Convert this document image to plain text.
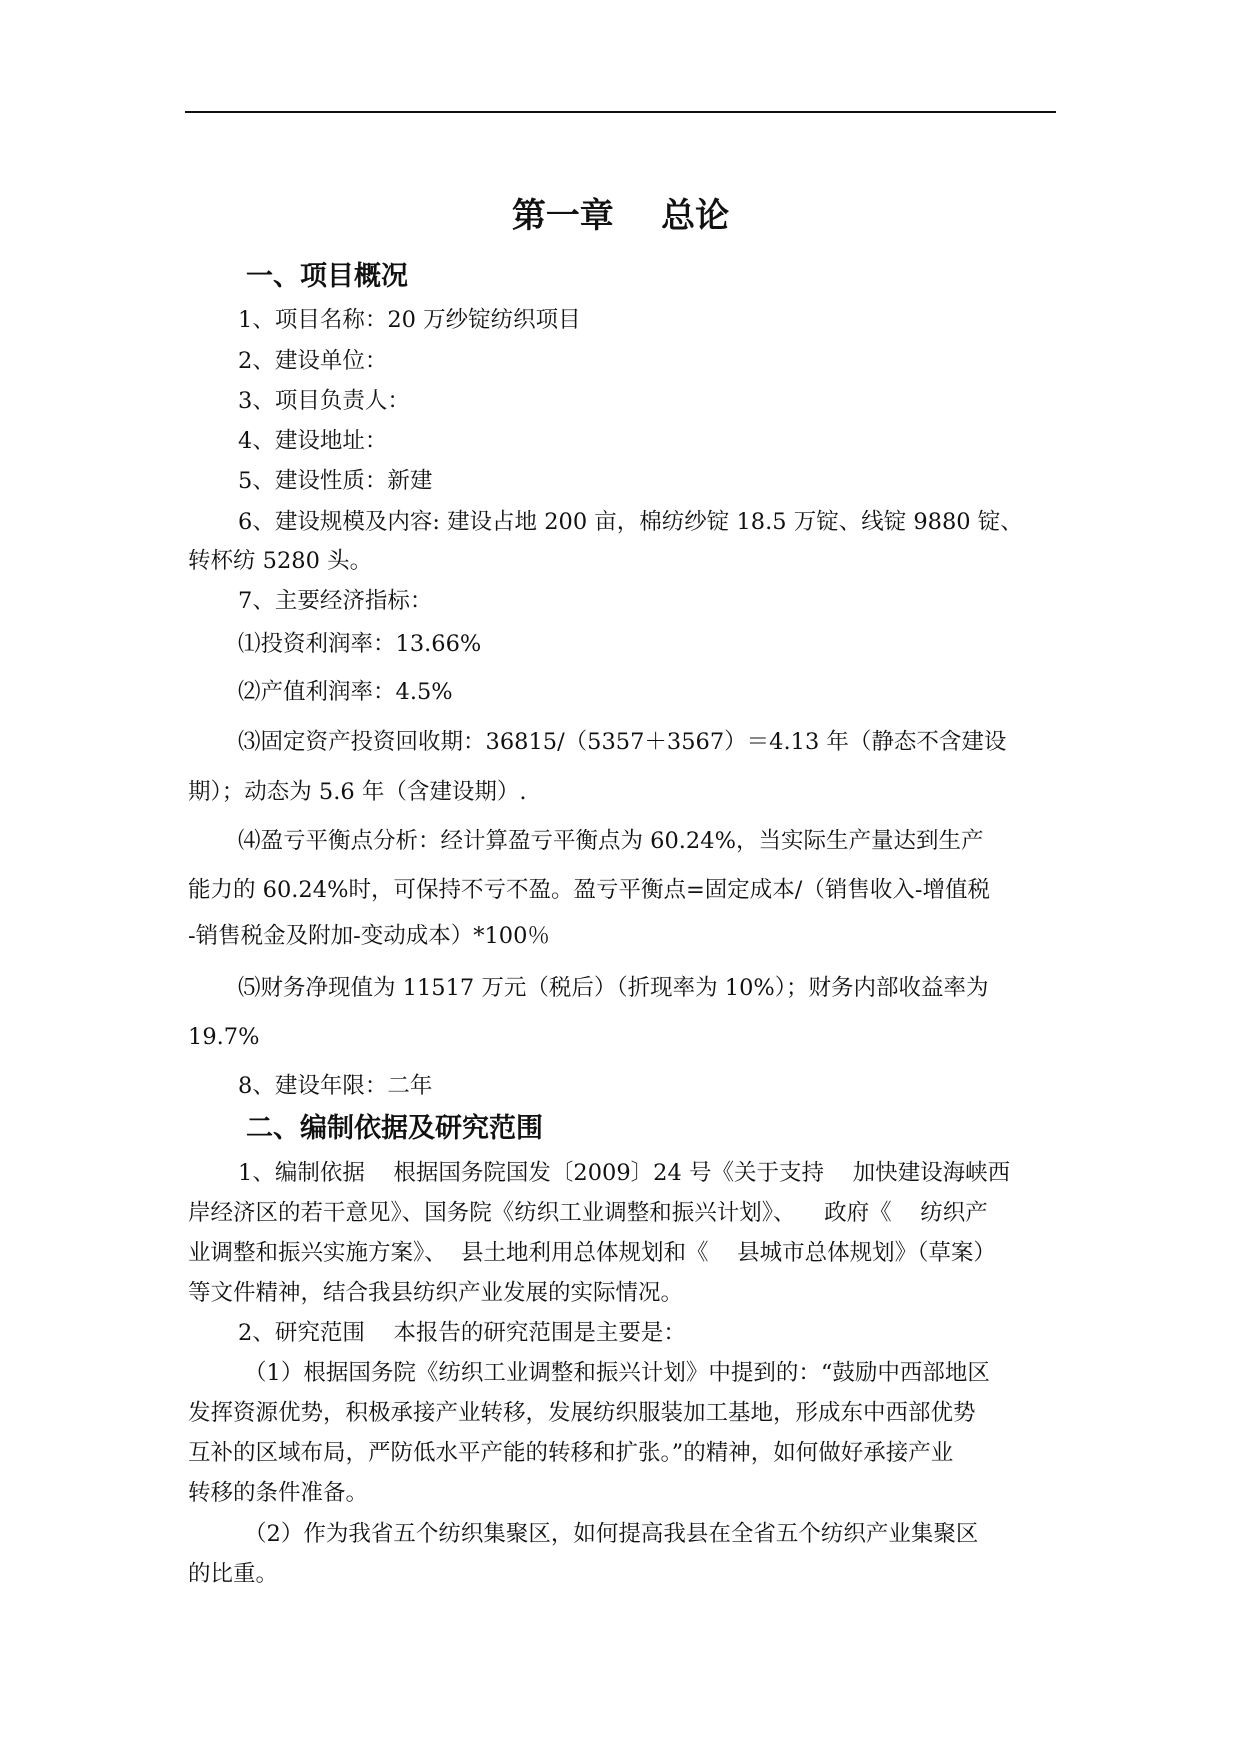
第一章    总论
一、项目概况
1、项目名称：20 万纱锭纺织项目
2、建设单位：
3、项目负责人：
4、建设地址：
5、建设性质：新建
6、建设规模及内容: 建设占地 200 亩，棉纺纱锭 18.5 万锭、线锭 9880 锭、
转杯纺 5280 头。
7、主要经济指标：
⑴投资利润率：13.66%
⑵产值利润率：4.5%
⑶固定资产投资回收期：36815/（5357＋3567）＝4.13 年（静态不含建设
期）；动态为 5.6 年（含建设期）.
⑷盈亏平衡点分析：经计算盈亏平衡点为 60.24%，当实际生产量达到生产
能力的 60.24%时，可保持不亏不盈。盈亏平衡点=固定成本/（销售收入-增值税
-销售税金及附加-变动成本）*100％
⑸财务净现值为 11517 万元（税后）（折现率为 10%）；财务内部收益率为
19.7%
8、建设年限：二年
二、编制依据及研究范围
1、编制依据    根据国务院国发〔2009〕24 号《关于支持    加快建设海峡西
岸经济区的若干意见》、国务院《纺织工业调整和振兴计划》、    政府《    纺织产
业调整和振兴实施方案》、  县土地利用总体规划和《    县城市总体规划》（草案）
等文件精神，结合我县纺织产业发展的实际情况。
2、研究范围    本报告的研究范围是主要是：
（1）根据国务院《纺织工业调整和振兴计划》中提到的：“鼓励中西部地区
发挥资源优势，积极承接产业转移，发展纺织服装加工基地，形成东中西部优势
互补的区域布局，严防低水平产能的转移和扩张。”的精神，如何做好承接产业
转移的条件准备。
（2）作为我省五个纺织集聚区，如何提高我县在全省五个纺织产业集聚区
的比重。
